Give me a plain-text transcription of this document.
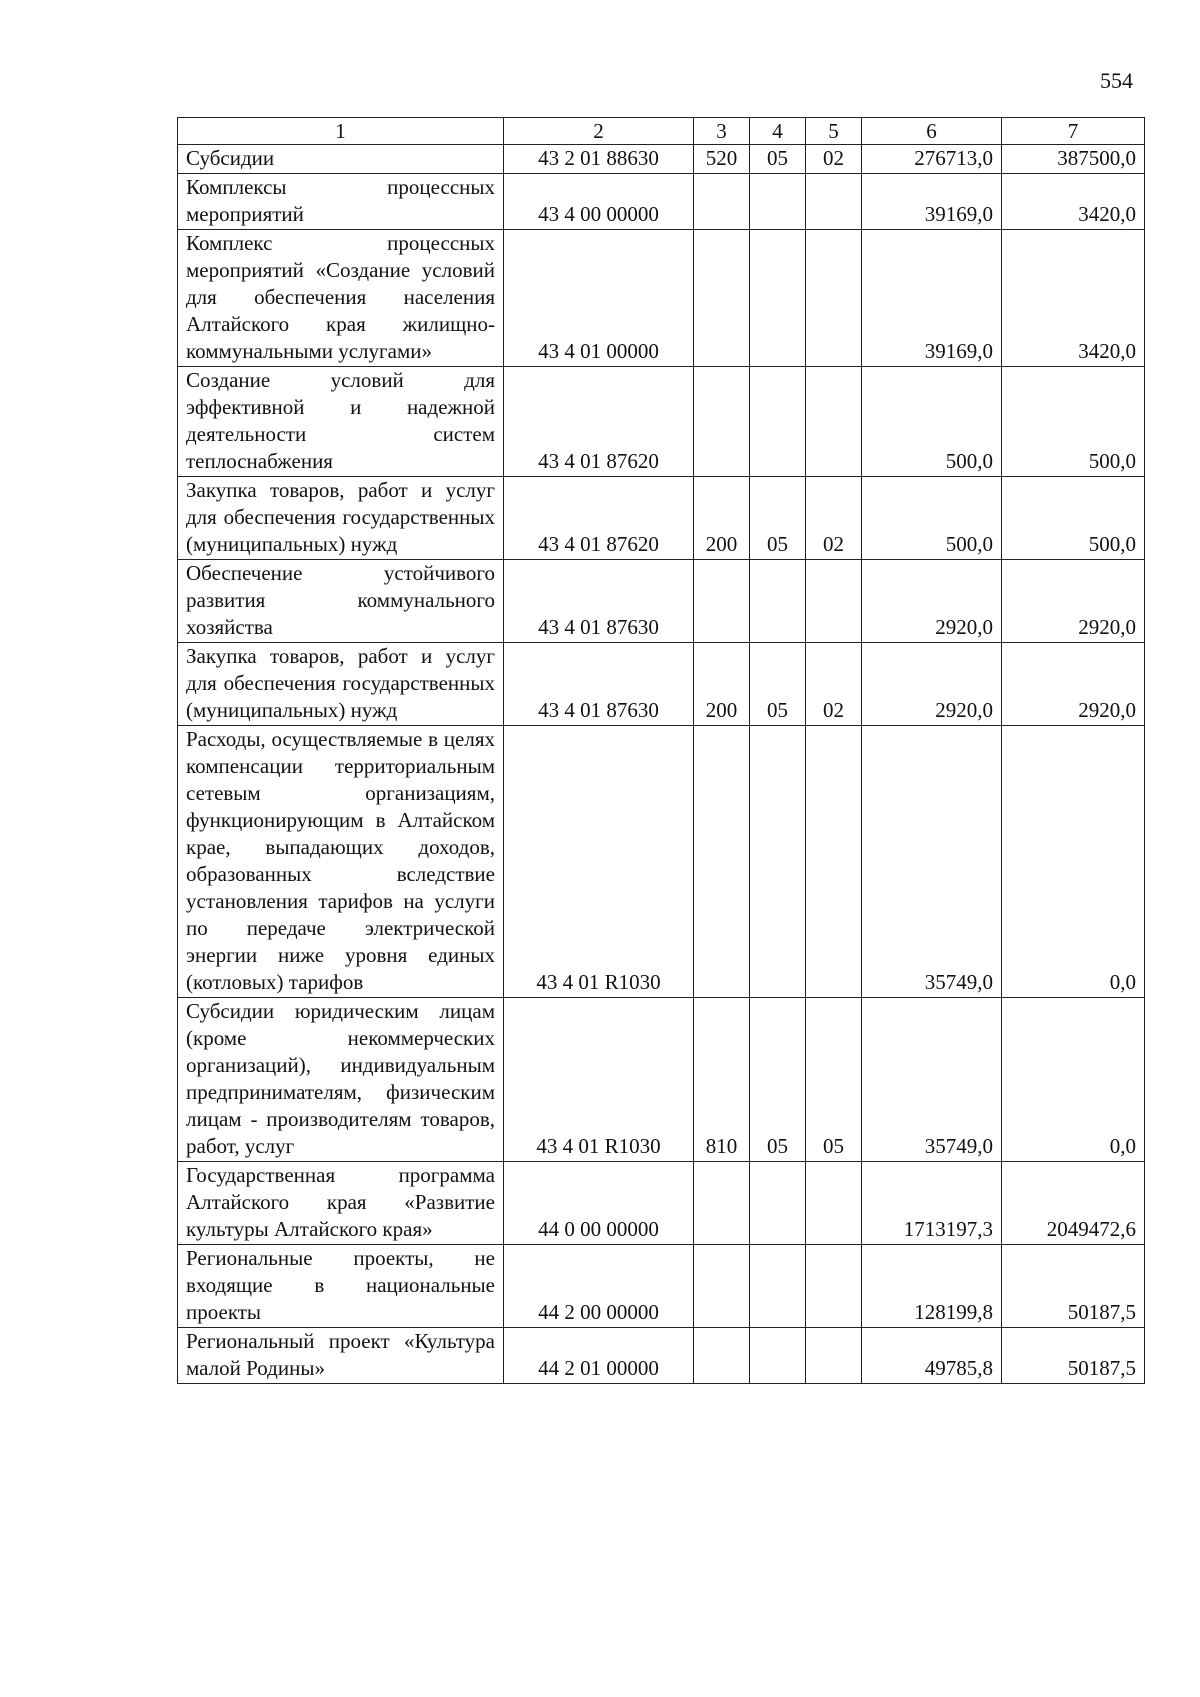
554
1	2	3	4	5	6	7
Субсидии	43 2 01 88630	520	05	02	276713,0	387500,0
Комплексы процессных мероприятий	43 4 00 00000				39169,0	3420,0
Комплекс процессных мероприятий «Создание условий для обеспечения населения Алтайского края жилищно-коммунальными услугами»	43 4 01 00000				39169,0	3420,0
Создание условий для эффективной и надежной деятельности систем теплоснабжения	43 4 01 87620				500,0	500,0
Закупка товаров, работ и услуг для обеспечения государственных (муниципальных) нужд	43 4 01 87620	200	05	02	500,0	500,0
Обеспечение устойчивого развития коммунального хозяйства	43 4 01 87630				2920,0	2920,0
Закупка товаров, работ и услуг для обеспечения государственных (муниципальных) нужд	43 4 01 87630	200	05	02	2920,0	2920,0
Расходы, осуществляемые в целях компенсации территориальным сетевым организациям, функционирующим в Алтайском крае, выпадающих доходов, образованных вследствие установления тарифов на услуги по передаче электрической энергии ниже уровня единых (котловых) тарифов	43 4 01 R1030				35749,0	0,0
Субсидии юридическим лицам (кроме некоммерческих организаций), индивидуальным предпринимателям, физическим лицам - производителям товаров, работ, услуг	43 4 01 R1030	810	05	05	35749,0	0,0
Государственная программа Алтайского края «Развитие культуры Алтайского края»	44 0 00 00000				1713197,3	2049472,6
Региональные проекты, не входящие в национальные проекты	44 2 00 00000				128199,8	50187,5
Региональный проект «Культура малой Родины»	44 2 01 00000				49785,8	50187,5
